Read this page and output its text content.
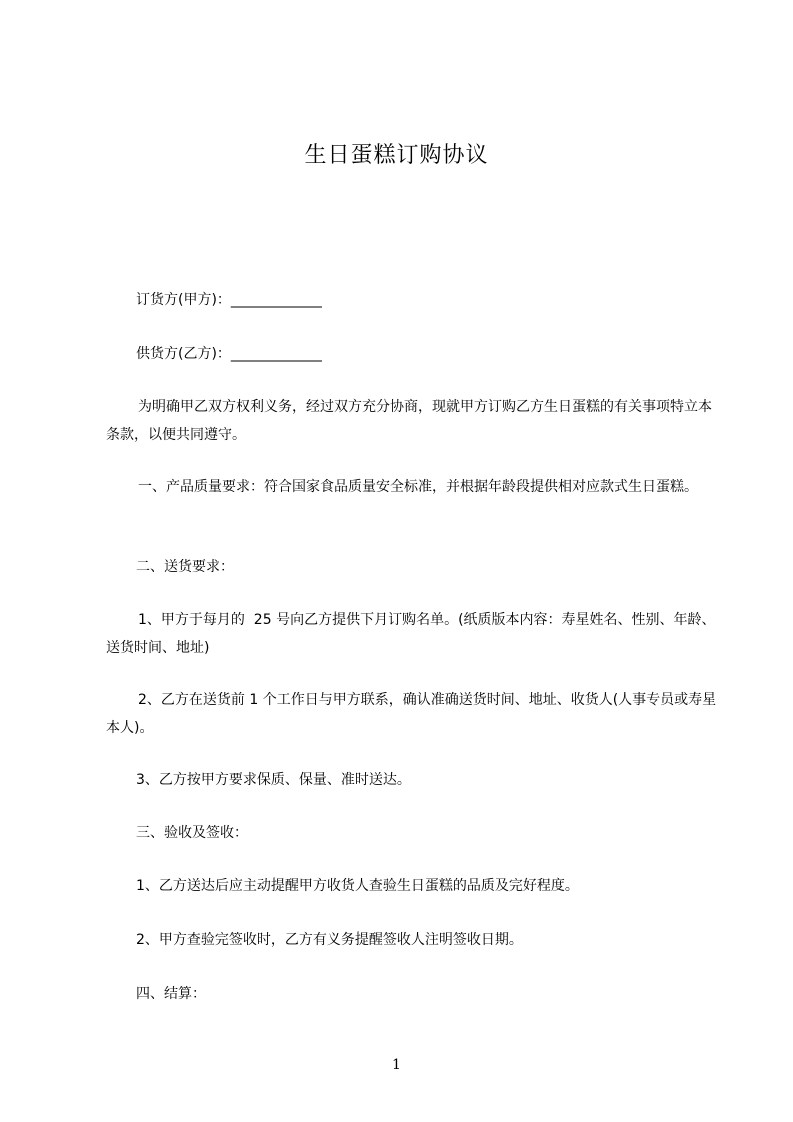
生日蛋糕订购协议
订货方(甲方)：_____________
供货方(乙方)：_____________
为明确甲乙双方权利义务，经过双方充分协商，现就甲方订购乙方生日蛋糕的有关事项特立本条款，以便共同遵守。
一、产品质量要求：符合国家食品质量安全标准，并根据年龄段提供相对应款式生日蛋糕。
二、送货要求：
1、甲方于每月的  25 号向乙方提供下月订购名单。(纸质版本内容：寿星姓名、性别、年龄、送货时间、地址)
2、乙方在送货前 1 个工作日与甲方联系，确认准确送货时间、地址、收货人(人事专员或寿星本人)。
3、乙方按甲方要求保质、保量、准时送达。
三、验收及签收：
1、乙方送达后应主动提醒甲方收货人查验生日蛋糕的品质及完好程度。
2、甲方查验完签收时，乙方有义务提醒签收人注明签收日期。
四、结算：
1
